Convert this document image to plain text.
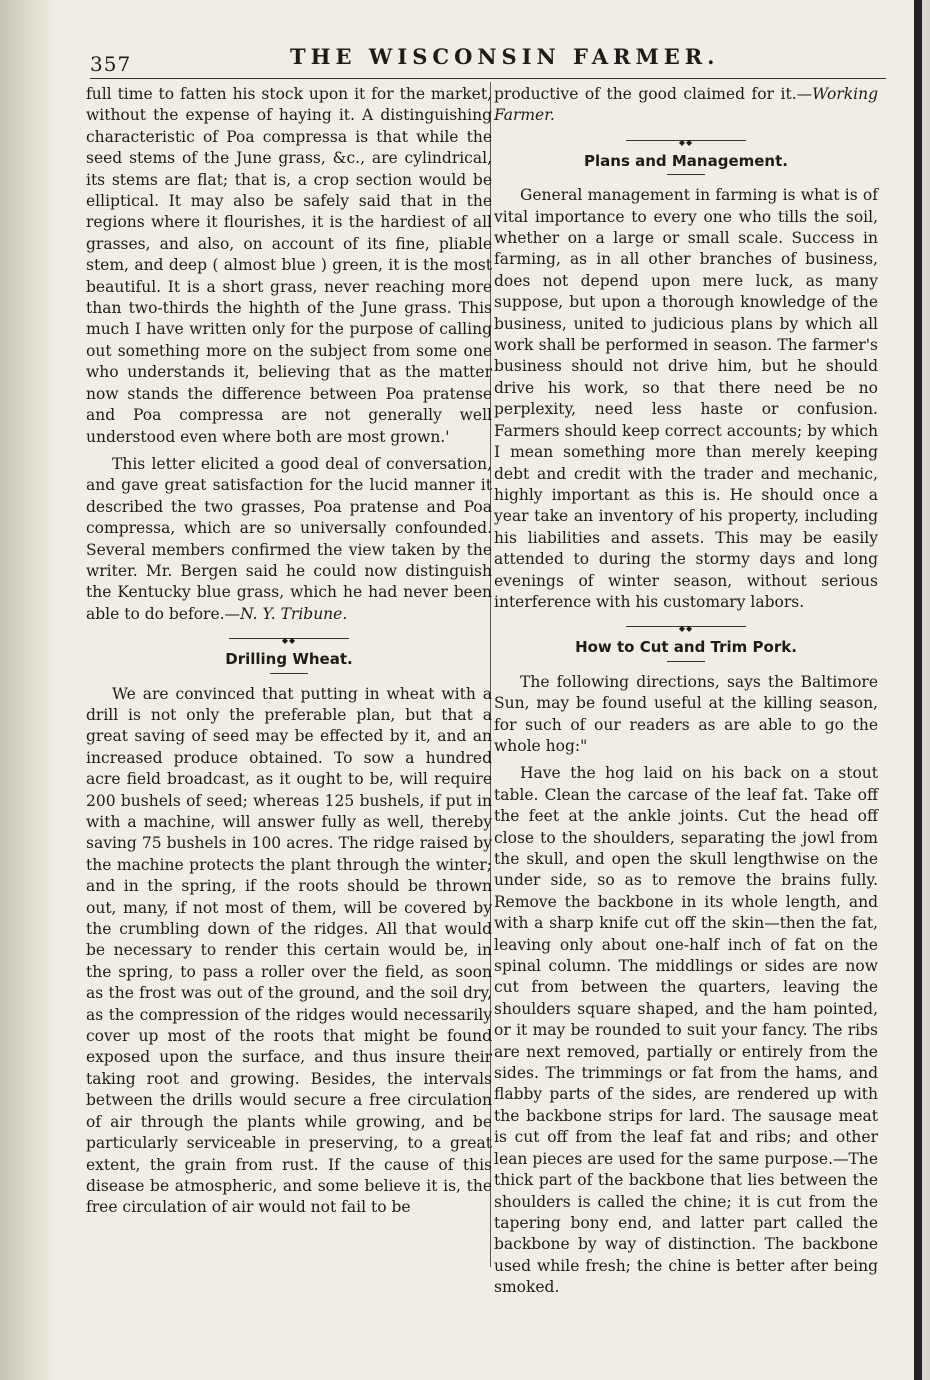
357	THE WISCONSIN FARMER.

full time to fatten his stock upon it for the market, without the expense of haying it. A distinguishing characteristic of Poa compressa is that while the seed stems of the June grass, &c., are cylindrical, its stems are flat; that is, a crop section would be elliptical. It may also be safely said that in the regions where it flourishes, it is the hardiest of all grasses, and also, on account of its fine, pliable stem, and deep ( almost blue ) green, it is the most beautiful. It is a short grass, never reaching more than two-thirds the highth of the June grass. This much I have written only for the purpose of calling out something more on the subject from some one who understands it, believing that as the matter now stands the difference between Poa pratense and Poa compressa are not generally well understood even where both are most grown.'

This letter elicited a good deal of conversation, and gave great satisfaction for the lucid manner it described the two grasses, Poa pratense and Poa compressa, which are so universally confounded. Several members confirmed the view taken by the writer. Mr. Bergen said he could now distinguish the Kentucky blue grass, which he had never been able to do before.—N. Y. Tribune.

◆◆
Drilling Wheat.

We are convinced that putting in wheat with a drill is not only the preferable plan, but that a great saving of seed may be effected by it, and an increased produce obtained. To sow a hundred acre field broadcast, as it ought to be, will require 200 bushels of seed; whereas 125 bushels, if put in with a machine, will answer fully as well, thereby saving 75 bushels in 100 acres. The ridge raised by the machine protects the plant through the winter; and in the spring, if the roots should be thrown out, many, if not most of them, will be covered by the crumbling down of the ridges. All that would be necessary to render this certain would be, in the spring, to pass a roller over the field, as soon as the frost was out of the ground, and the soil dry, as the compression of the ridges would necessarily cover up most of the roots that might be found exposed upon the surface, and thus insure their taking root and growing. Besides, the intervals between the drills would secure a free circulation of air through the plants while growing, and be particularly serviceable in preserving, to a great extent, the grain from rust. If the cause of this disease be atmospheric, and some believe it is, the free circulation of air would not fail to be

productive of the good claimed for it.—Working Farmer.

◆◆
Plans and Management.

General management in farming is what is of vital importance to every one who tills the soil, whether on a large or small scale. Success in farming, as in all other branches of business, does not depend upon mere luck, as many suppose, but upon a thorough knowledge of the business, united to judicious plans by which all work shall be performed in season. The farmer's business should not drive him, but he should drive his work, so that there need be no perplexity, need less haste or confusion. Farmers should keep correct accounts; by which I mean something more than merely keeping debt and credit with the trader and mechanic, highly important as this is. He should once a year take an inventory of his property, including his liabilities and assets. This may be easily attended to during the stormy days and long evenings of winter season, without serious interference with his customary labors.

◆◆
How to Cut and Trim Pork.

The following directions, says the Baltimore Sun, may be found useful at the killing season, for such of our readers as are able to go the whole hog:"

Have the hog laid on his back on a stout table. Clean the carcase of the leaf fat. Take off the feet at the ankle joints. Cut the head off close to the shoulders, separating the jowl from the skull, and open the skull lengthwise on the under side, so as to remove the brains fully. Remove the backbone in its whole length, and with a sharp knife cut off the skin—then the fat, leaving only about one-half inch of fat on the spinal column. The middlings or sides are now cut from between the quarters, leaving the shoulders square shaped, and the ham pointed, or it may be rounded to suit your fancy. The ribs are next removed, partially or entirely from the sides. The trimmings or fat from the hams, and flabby parts of the sides, are rendered up with the backbone strips for lard. The sausage meat is cut off from the leaf fat and ribs; and other lean pieces are used for the same purpose.—The thick part of the backbone that lies between the shoulders is called the chine; it is cut from the tapering bony end, and latter part called the backbone by way of distinction. The backbone used while fresh; the chine is better after being smoked.
